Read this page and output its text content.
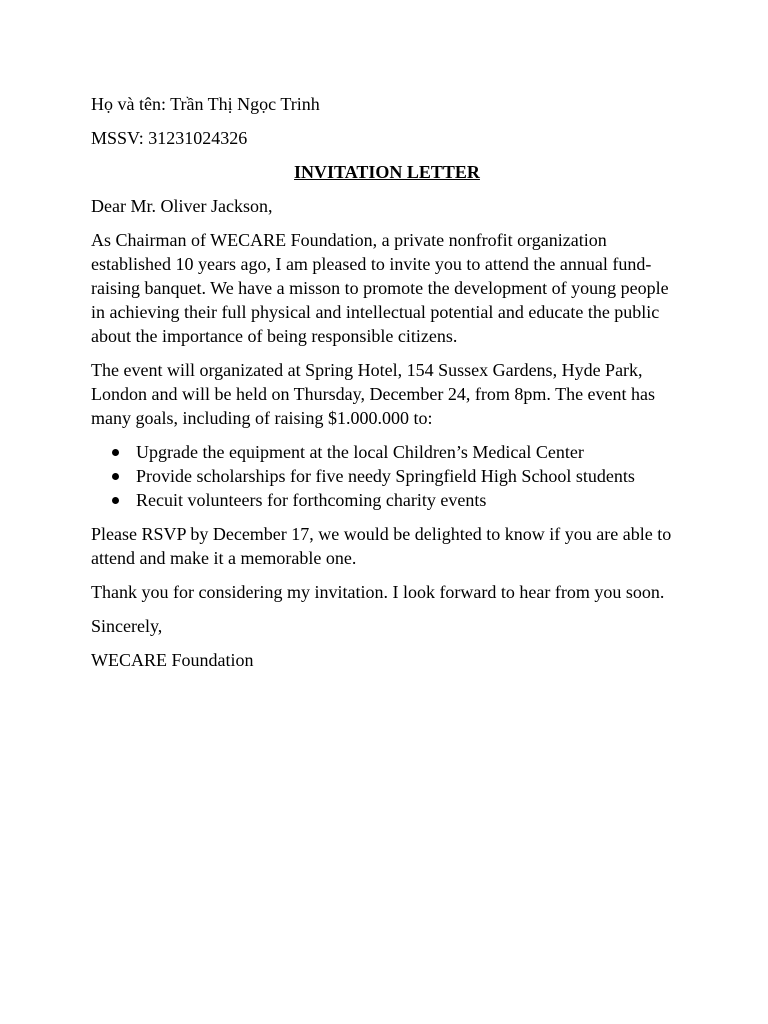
Họ và tên: Trần Thị Ngọc Trinh

MSSV: 31231024326

INVITATION LETTER

Dear Mr. Oliver Jackson,

As Chairman of WECARE Foundation, a private nonfrofit organization established 10 years ago, I am pleased to invite you to attend the annual fund-raising banquet. We have a misson to promote the development of young people in achieving their full physical and intellectual potential and educate the public about the importance of being responsible citizens.

The event will organizated at Spring Hotel, 154 Sussex Gardens, Hyde Park, London and will be held on Thursday, December 24, from 8pm. The event has many goals, including of raising $1.000.000 to:

Upgrade the equipment at the local Children’s Medical Center
Provide scholarships for five needy Springfield High School students
Recuit volunteers for forthcoming charity events

Please RSVP by December 17, we would be delighted to know if you are able to attend and make it a memorable one.

Thank you for considering my invitation. I look forward to hear from you soon.

Sincerely,

WECARE Foundation
